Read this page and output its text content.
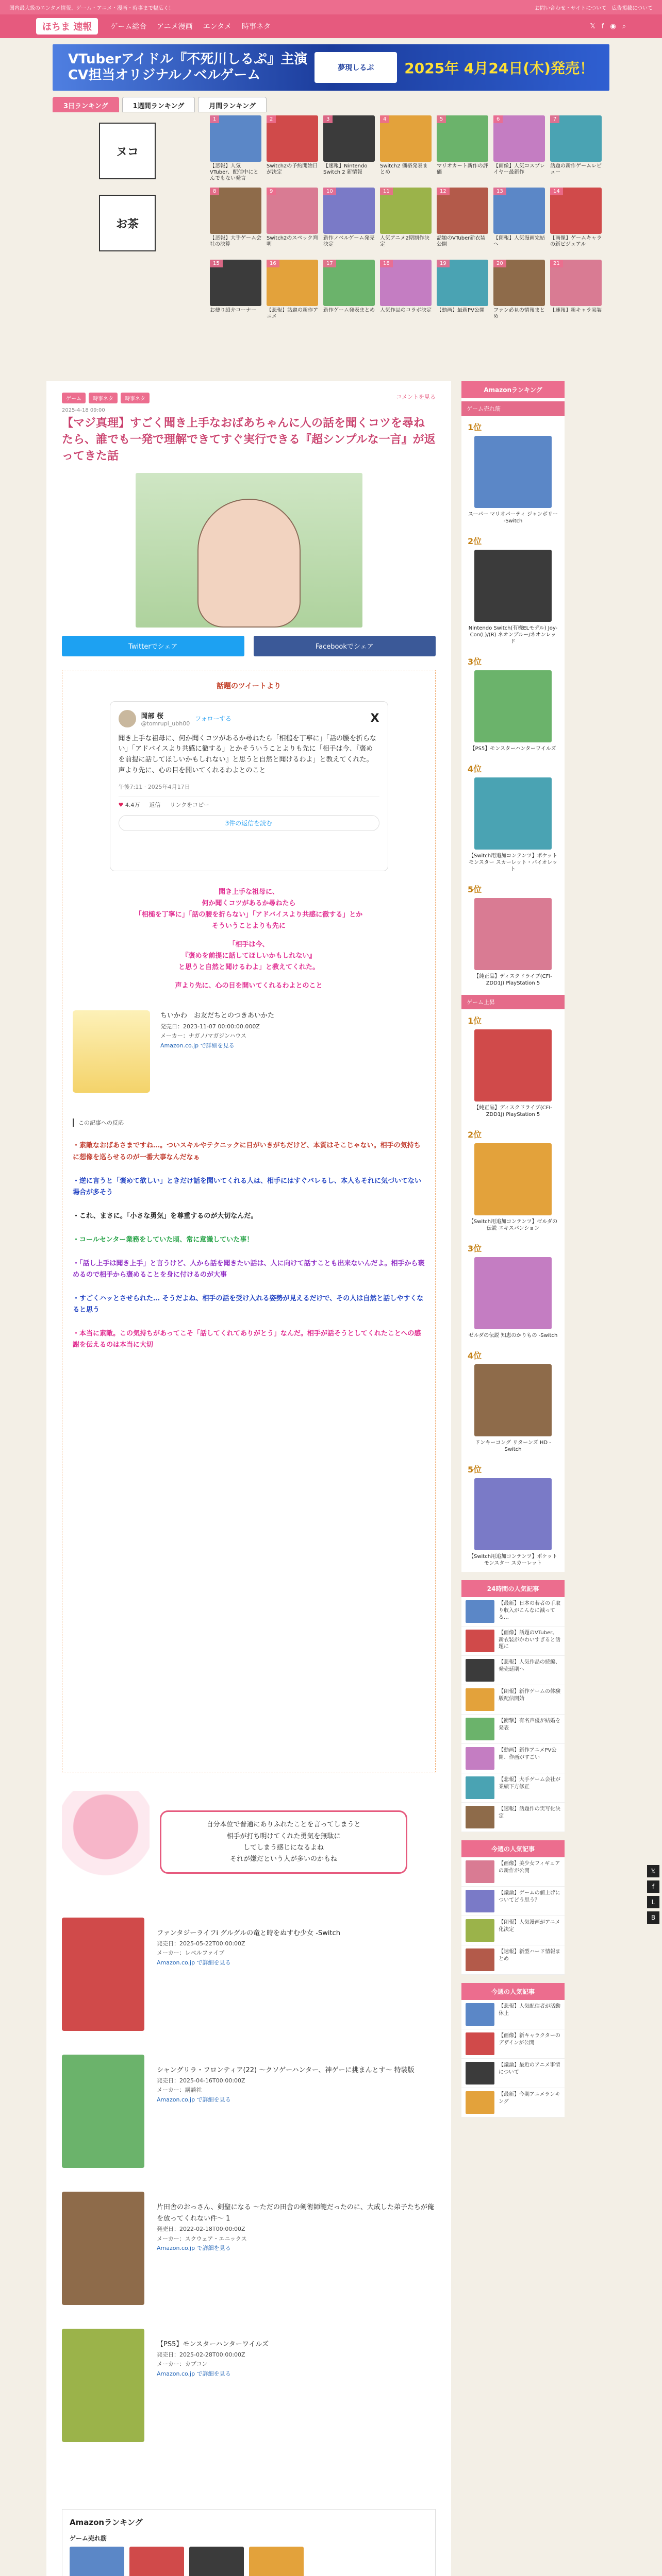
国内最大級のエンタメ情報、ゲーム・アニメ・漫画・時事まで幅広く！	お問い合わせ・サイトについて　広告掲載について
ほちま 速報	ゲーム総合 アニメ漫画 エンタメ 時事ネタ	𝕏 f ◉ ⌕
VTuberアイドル『不死川しるぷ』主演
CV担当オリジナルノベルゲーム	夢現しるぷ	2025年 4月24日(木)発売！
3日ランキング	1週間ランキング	月間ランキング
ヌコ
お茶
1
【悲報】人気VTuber、配信中にとんでもない発言
2
Switch2の予約開始日が決定
3
【速報】Nintendo Switch 2 新情報
4
Switch2 価格発表まとめ
5
マリオカート新作の評価
6
【画像】人気コスプレイヤー最新作
7
話題の新作ゲームレビュー
8
【悲報】大手ゲーム会社の決算
9
Switch2のスペック判明
10
新作ノベルゲーム発売決定
11
人気アニメ2期制作決定
12
話題のVTuber新衣装公開
13
【朗報】人気漫画完結へ
14
【画像】ゲームキャラの新ビジュアル
15
お便り紹介コーナー
16
【悲報】話題の新作アニメ
17
新作ゲーム発表まとめ
18
人気作品のコラボ決定
19
【動画】最新PV公開
20
ファン必見の情報まとめ
21
【速報】新キャラ実装
ゲーム	時事ネタ	時事ネタ	コメントを見る
2025-4-18 09:00
【マジ真理】すごく聞き上手なおばあちゃんに人の話を聞くコツを尋ねたら、誰でも一発で理解できてすぐ実行できる『超シンプルな一言』が返ってきた話
Twitterでシェア	Facebookでシェア
話題のツイートより
岡部 桜
@tomrupi_ubh00
フォローする	X
聞き上手な祖母に、何か聞くコツがあるか尋ねたら「相槌を丁寧に」「話の腰を折らない」「アドバイスより共感に徹する」とかそういうことよりも先に「相手は今、『褒めを前提に話してほしいかもしれない』と思うと自然と聞けるわよ」と教えてくれた。声より先に、心の目を開いてくれるわよとのこと
午後7:11 · 2025年4月17日
♥ 4.4万 返信 リンクをコピー
3件の返信を読む
聞き上手な祖母に、
何か聞くコツがあるか尋ねたら
「相槌を丁寧に」「話の腰を折らない」「アドバイスより共感に徹する」とか
そういうことよりも先に
「相手は今、
『褒めを前提に話してほしいかもしれない』
と思うと自然と聞けるわよ」と教えてくれた。
声より先に、心の目を開いてくれるわよとのこと
ちいかわ　お友だちとのつきあいかた
発売日：2023-11-07 00:00:00.000Z
メーカー：ナガノ/マガジンハウス
Amazon.co.jp で詳細を見る
この記事への反応
・素敵なおばあさまですね…。ついスキルやテクニックに目がいきがちだけど、本質はそこじゃない。相手の気持ちに想像を巡らせるのが一番大事なんだなぁ
・逆に言うと「褒めて欲しい」ときだけ話を聞いてくれる人は、相手にはすぐバレるし、本人もそれに気づいてない場合が多そう
・これ、まさに。「小さな勇気」を尊重するのが大切なんだ。
・コールセンター業務をしていた頃、常に意識していた事！
・「話し上手は聞き上手」と言うけど、人から話を聞きたい話は、人に向けて話すことも出来ないんだよ。相手から褒めるので相手から褒めることを身に付けるのが大事
・すごくハッとさせられた… そうだよね、相手の話を受け入れる姿勢が見えるだけで、その人は自然と話しやすくなると思う
・本当に素敵。この気持ちがあってこそ「話してくれてありがとう」なんだ。相手が話そうとしてくれたことへの感謝を伝えるのは本当に大切
自分本位で普通にありふれたことを言ってしまうと
相手が打ち明けてくれた勇気を無駄に
してしまう感じになるよね
それが嫌だという人が多いのかもね
ファンタジーライフi グルグルの竜と時をぬすむ少女 -Switch
発売日：2025-05-22T00:00:00Z
メーカー：レベルファイブ
Amazon.co.jp で詳細を見る
シャングリラ・フロンティア(22) ～クソゲーハンター、神ゲーに挑まんとす～ 特装版
発売日：2025-04-16T00:00:00Z
メーカー：講談社
Amazon.co.jp で詳細を見る
片田舎のおっさん、剣聖になる ～ただの田舎の剣術師範だったのに、大成した弟子たちが俺を放ってくれない件～ 1
発売日：2022-02-18T00:00:00Z
メーカー：スクウェア・エニックス
Amazon.co.jp で詳細を見る
【PS5】モンスターハンターワイルズ
発売日：2025-02-28T00:00:00Z
メーカー：カプコン
Amazon.co.jp で詳細を見る
Amazonランキング
ゲーム売れ筋
Amazonランキング
ゲーム売れ筋
1位
スーパー マリオパーティ ジャンボリー -Switch
2位
Nintendo Switch(有機ELモデル) Joy-Con(L)/(R) ネオンブルー/ネオンレッド
3位
【PS5】モンスターハンターワイルズ
4位
【Switch用追加コンテンツ】ポケットモンスター スカーレット・バイオレット
5位
【純正品】ディスクドライブ(CFI-ZDD1J) PlayStation 5
ゲーム上昇
1位
【純正品】ディスクドライブ(CFI-ZDD1J) PlayStation 5
2位
【Switch用追加コンテンツ】ゼルダの伝説 エキスパンション
3位
ゼルダの伝説 知恵のかりもの -Switch
4位
ドンキーコング リターンズ HD -Switch
5位
【Switch用追加コンテンツ】ポケットモンスター スカーレット
24時間の人気記事
【最新】日本の若者の手取り収入がこんなに減ってる…
【画像】話題のVTuber、新衣装がかわいすぎると話題に
【悲報】人気作品の続編、発売延期へ
【朗報】新作ゲームの体験版配信開始
【衝撃】有名声優が結婚を発表
【動画】新作アニメPV公開、作画がすごい
【悲報】大手ゲーム会社が業績下方修正
【速報】話題作の実写化決定
今週の人気記事
【画像】美少女フィギュアの新作が公開
【議論】ゲームの値上げについてどう思う？
【朗報】人気漫画がアニメ化決定
【速報】新型ハード情報まとめ
今週の人気記事
【悲報】人気配信者が活動休止
【画像】新キャラクターのデザインが公開
【議論】最近のアニメ事情について
【最新】今期アニメランキング
𝕏
f
L
B
